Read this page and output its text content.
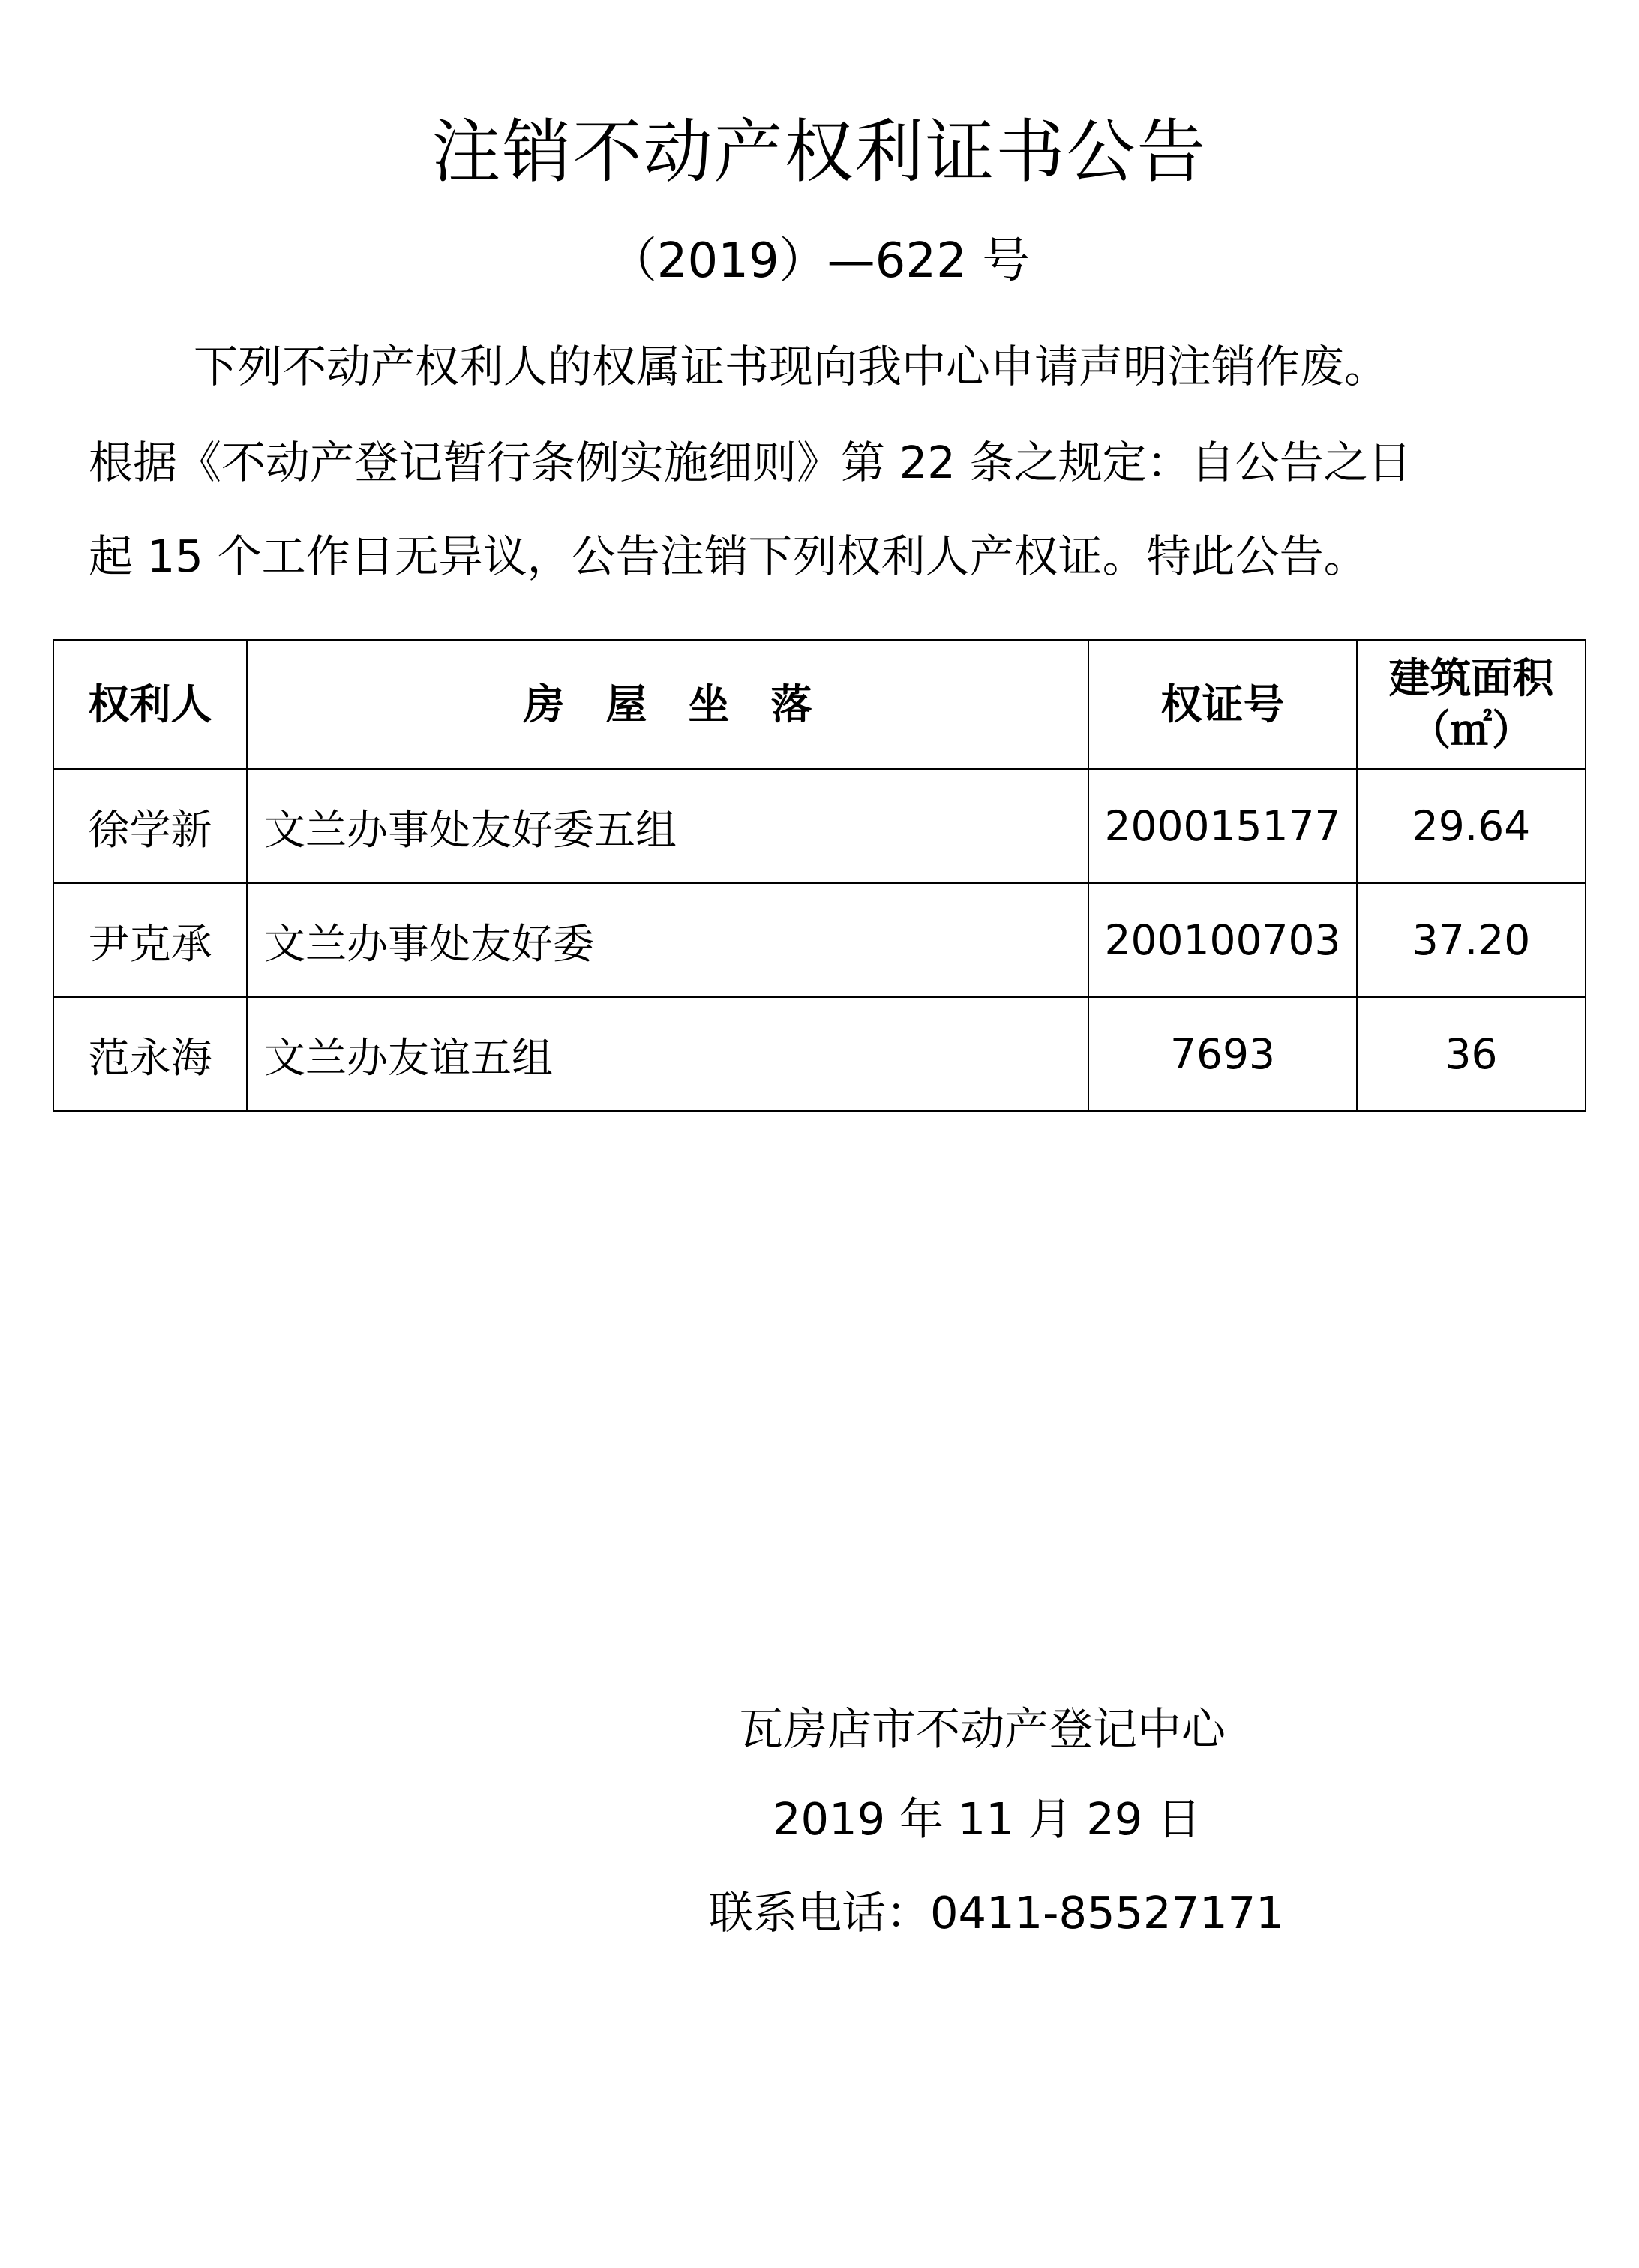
注销不动产权利证书公告
（2019）—622 号
下列不动产权利人的权属证书现向我中心申请声明注销作废。
根据《不动产登记暂行条例实施细则》第 22 条之规定：自公告之日
起 15 个工作日无异议，公告注销下列权利人产权证。特此公告。
权利人	房屋坐落	权证号	建筑面积
（㎡）

徐学新	文兰办事处友好委五组	200015177	29.64
尹克承	文兰办事处友好委	200100703	37.20
范永海	文兰办友谊五组	7693	36
瓦房店市不动产登记中心
2019 年 11 月 29 日
联系电话：0411-85527171
